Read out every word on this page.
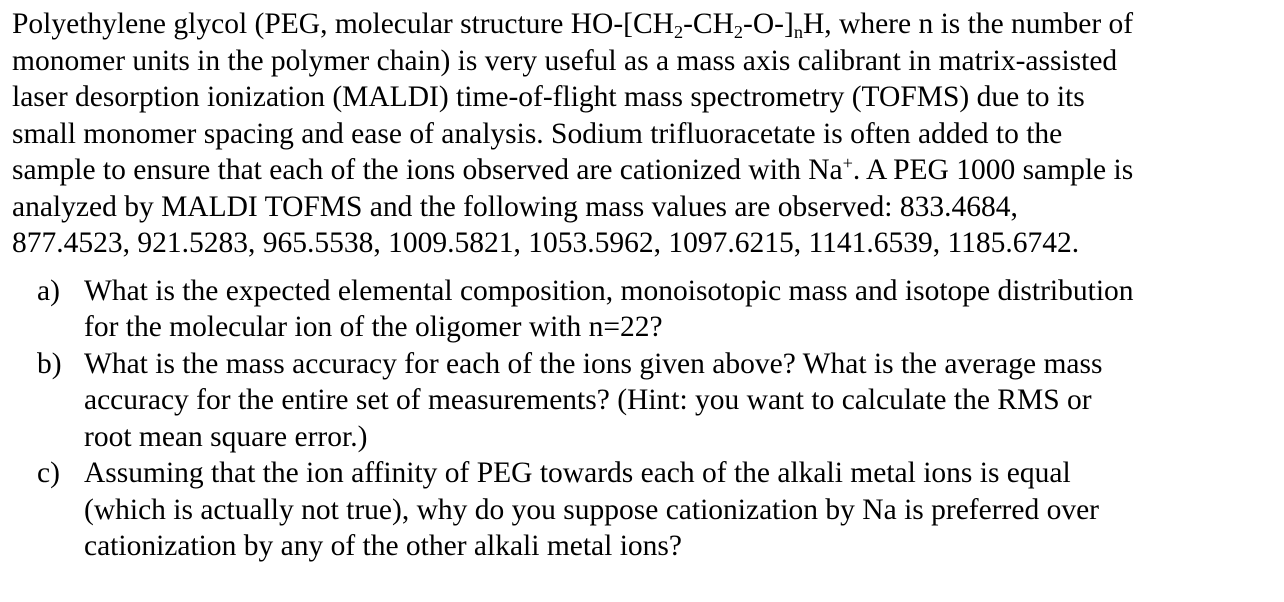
Polyethylene glycol (PEG, molecular structure $HO-[CH_2-CH_2-O-]_nH$, where n is the number of
monomer units in the polymer chain) is very useful as a mass axis calibrant in matrix-assisted
laser desorption ionization (MALDI) time-of-flight mass spectrometry (TOFMS) due to its
small monomer spacing and ease of analysis. Sodium trifluoracetate is often added to the
sample to ensure that each of the ions observed are cationized with Na+. A PEG 1000 sample is
analyzed by MALDI TOFMS and the following mass values are observed: 833.4684,
877.4523, 921.5283, 965.5538, 1009.5821, 1053.5962, 1097.6215, 1141.6539, 1185.6742.

a) What is the expected elemental composition, monoisotopic mass and isotope distribution
for the molecular ion of the oligomer with n=22?
b) What is the mass accuracy for each of the ions given above? What is the average mass
accuracy for the entire set of measurements? (Hint: you want to calculate the RMS or
root mean square error.)
c) Assuming that the ion affinity of PEG towards each of the alkali metal ions is equal
(which is actually not true), why do you suppose cationization by Na is preferred over
cationization by any of the other alkali metal ions?
